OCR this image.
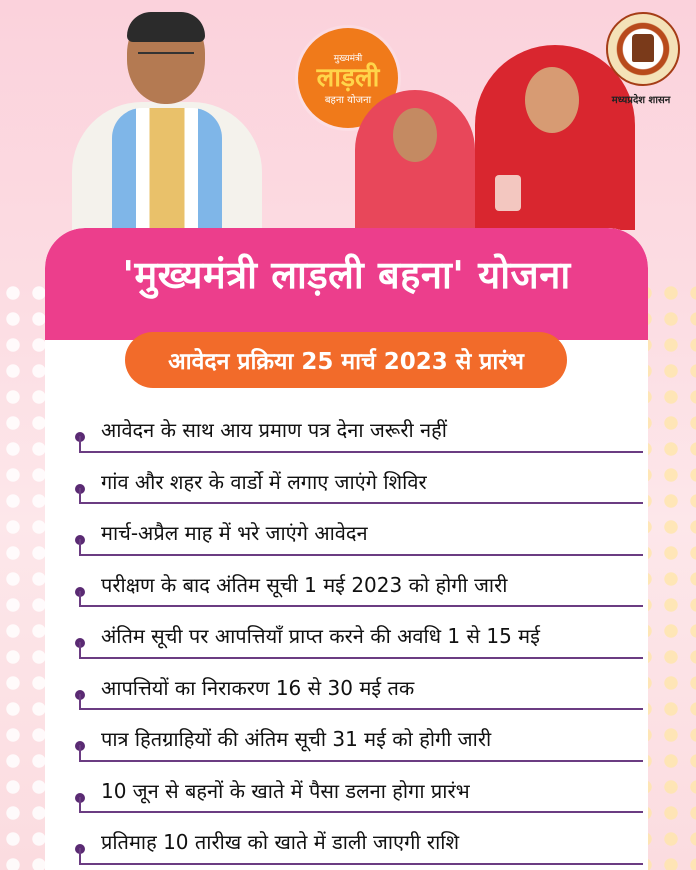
मुख्यमंत्री
लाड़ली
बहना योजना	मध्यप्रदेश शासन
'मुख्यमंत्री लाड़ली बहना' योजना
आवेदन प्रक्रिया 25 मार्च 2023 से प्रारंभ
आवेदन के साथ आय प्रमाण पत्र देना जरूरी नहीं
गांव और शहर के वार्डो में लगाए जाएंगे शिविर
मार्च-अप्रैल माह में भरे जाएंगे आवेदन
परीक्षण के बाद अंतिम सूची 1 मई 2023 को होगी जारी
अंतिम सूची पर आपत्तियाँ प्राप्त करने की अवधि 1 से 15 मई
आपत्तियों का निराकरण 16 से 30 मई तक
पात्र हितग्राहियों की अंतिम सूची 31 मई को होगी जारी
10 जून से बहनों के खाते में पैसा डलना होगा प्रारंभ
प्रतिमाह 10 तारीख को खाते में डाली जाएगी राशि
